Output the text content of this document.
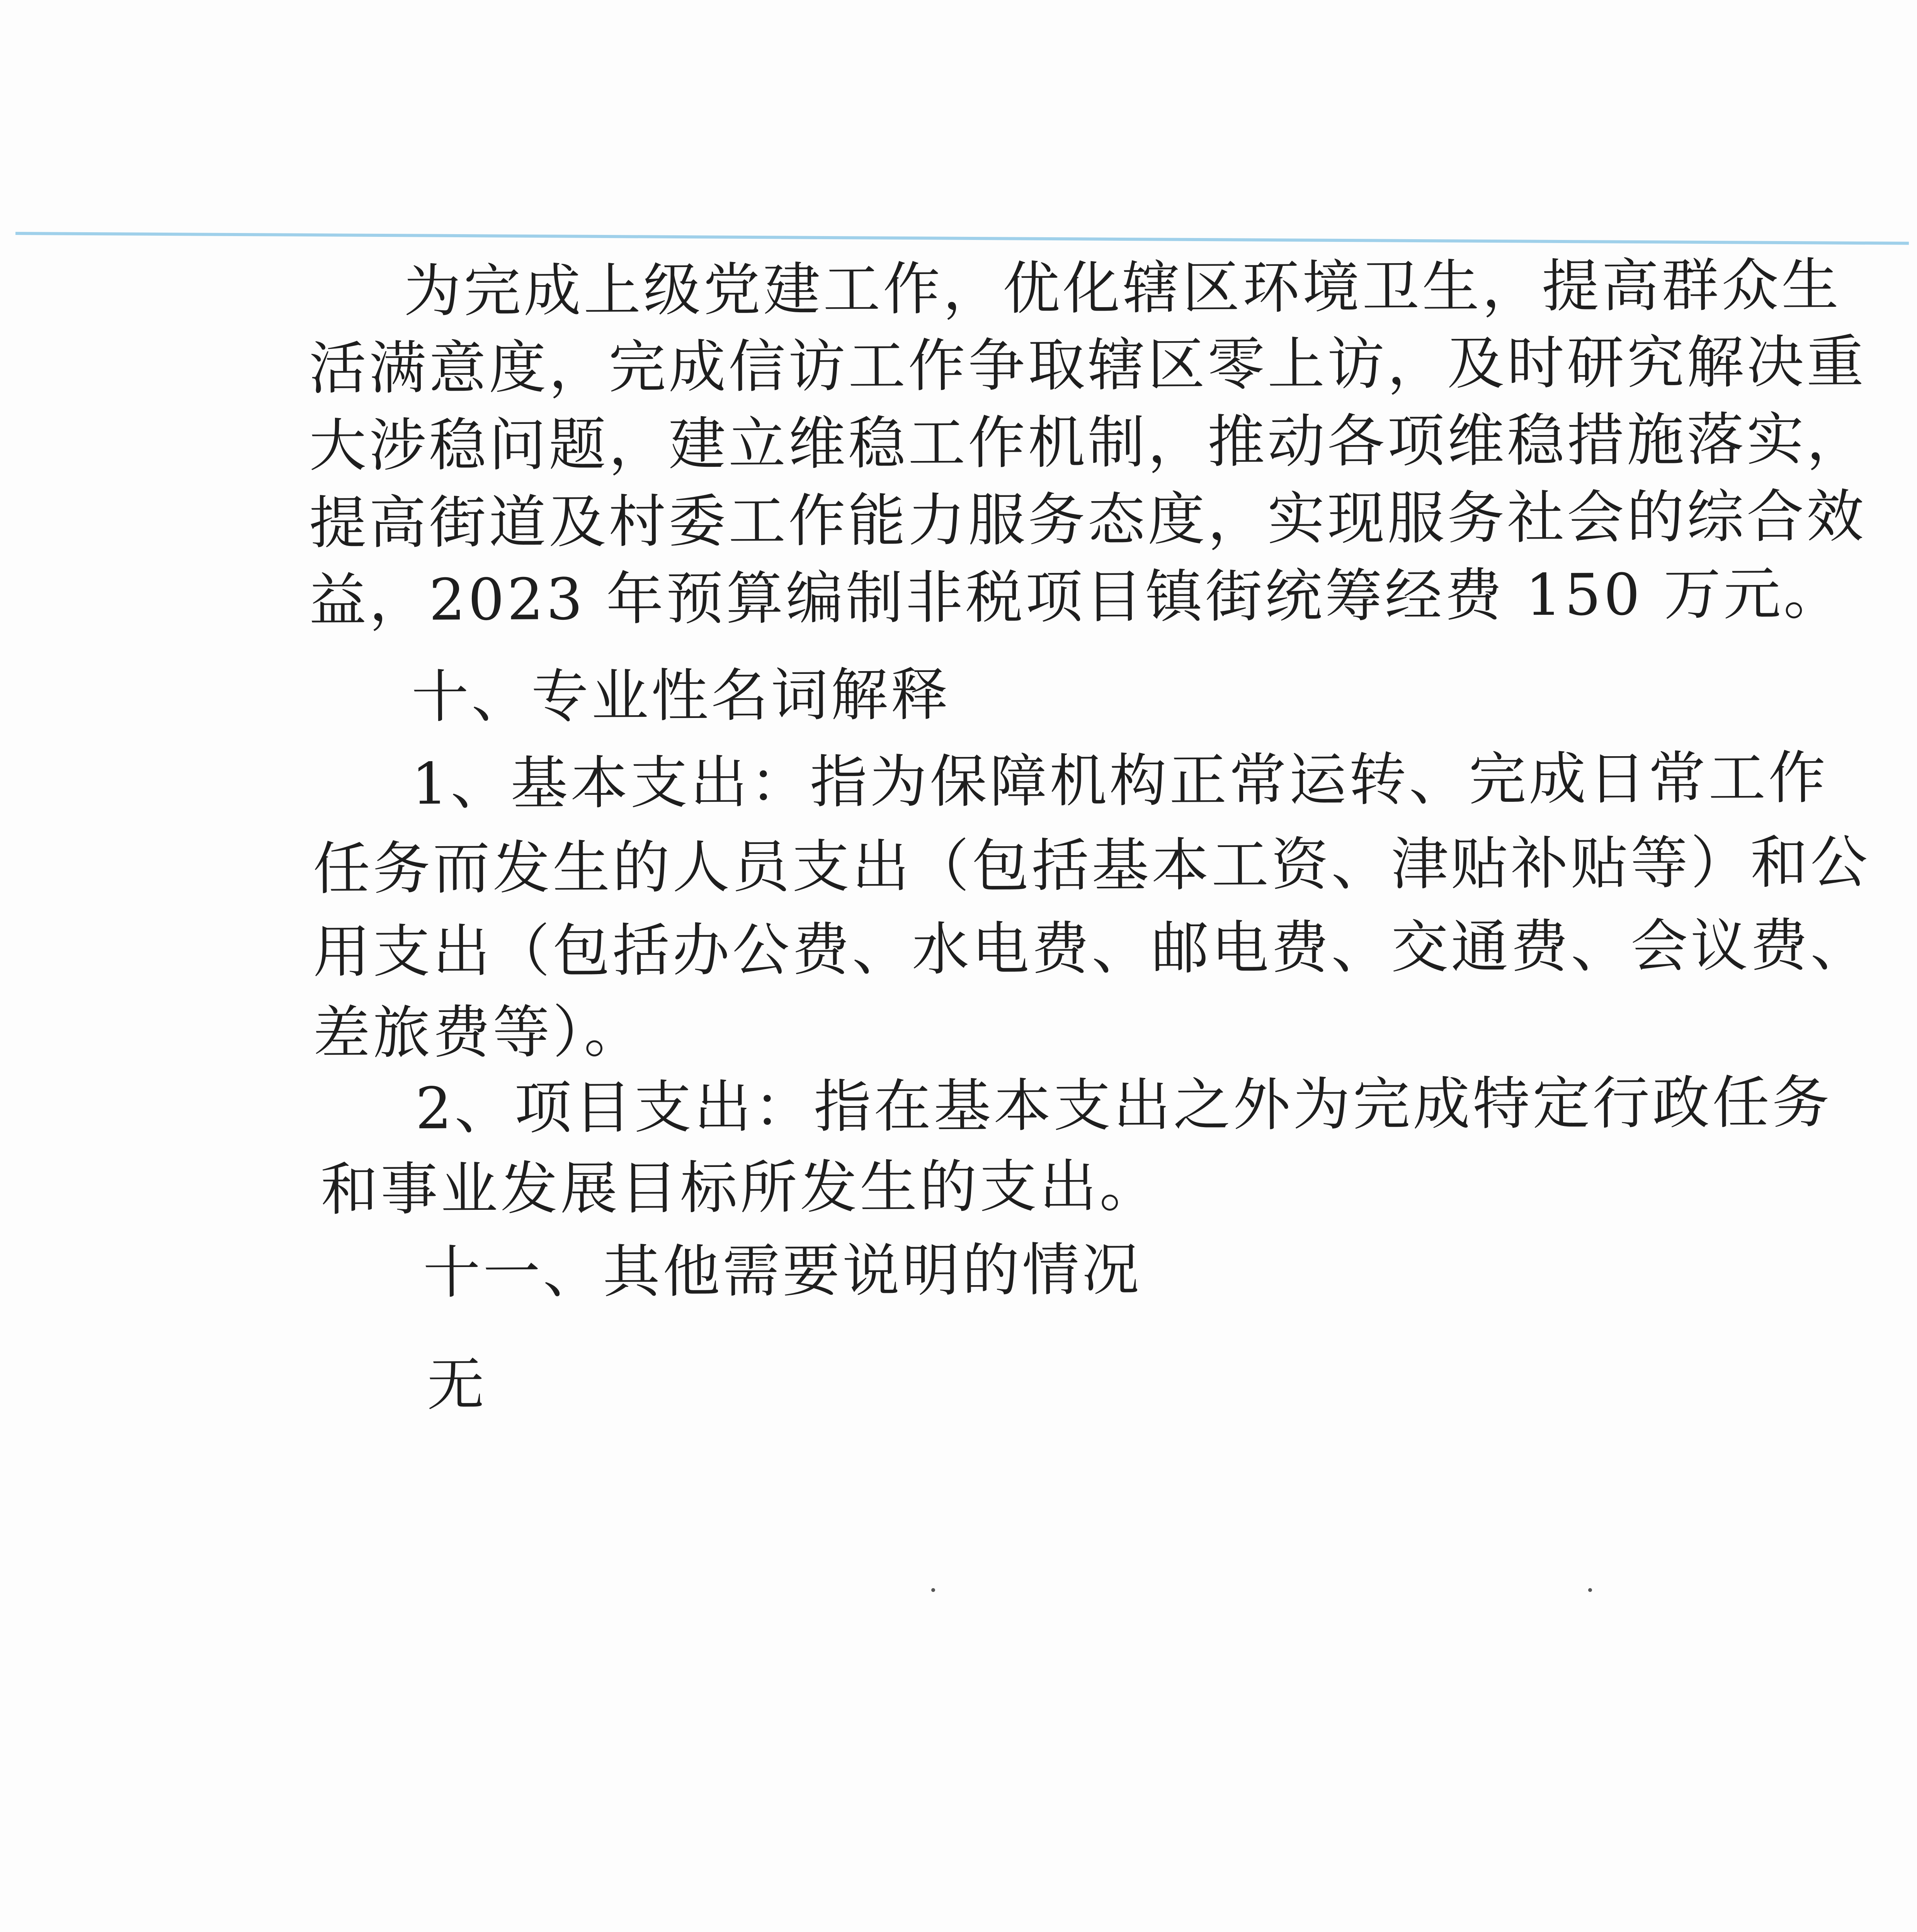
为完成上级党建工作，优化辖区环境卫生，提高群众生

活满意度，完成信访工作争取辖区零上访，及时研究解决重

大涉稳问题，建立维稳工作机制，推动各项维稳措施落实，

提高街道及村委工作能力服务态度，实现服务社会的综合效

益，2023 年预算编制非税项目镇街统筹经费 150 万元。

十、专业性名词解释

1、基本支出：指为保障机构正常运转、完成日常工作

任务而发生的人员支出（包括基本工资、津贴补贴等）和公

用支出（包括办公费、水电费、邮电费、交通费、会议费、

差旅费等）。

2、项目支出：指在基本支出之外为完成特定行政任务

和事业发展目标所发生的支出。

十一、其他需要说明的情况

无
